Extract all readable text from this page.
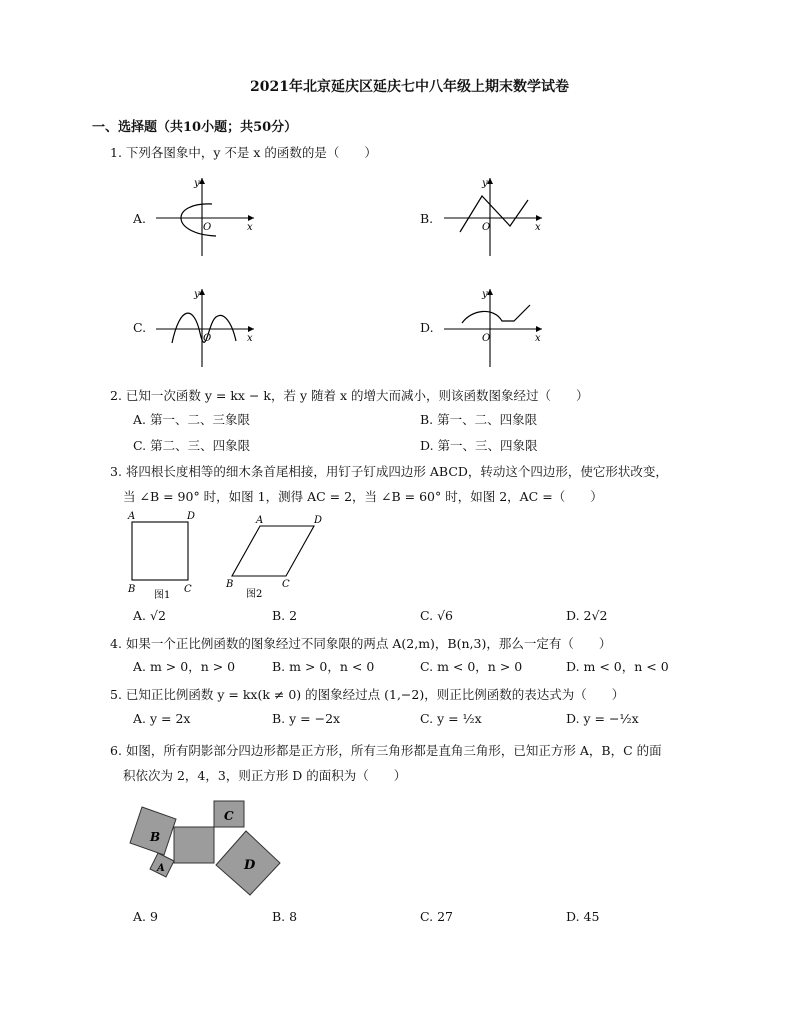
2021年北京延庆区延庆七中八年级上期末数学试卷
一、选择题（共10小题；共50分）
1. 下列各图象中，y 不是 x 的函数的是（　　）
A.	B.
C.	D.
y
x
O
y
x
O
y
x
O
y
x
O
2. 已知一次函数 y = kx − k，若 y 随着 x 的增大而减小，则该函数图象经过（　　）
A. 第一、二、三象限	B. 第一、二、四象限
C. 第二、三、四象限	D. 第一、三、四象限
3. 将四根长度相等的细木条首尾相接，用钉子钉成四边形 ABCD，转动这个四边形，使它形状改变，
当 ∠B = 90° 时，如图 1，测得 AC = 2，当 ∠B = 60° 时，如图 2，AC =（　　）
A
B	C
D
图1
A
B	C
D
图2
A. √2	B. 2	C. √6	D. 2√2
4. 如果一个正比例函数的图象经过不同象限的两点 A(2,m)，B(n,3)，那么一定有（　　）
A. m > 0，n > 0	B. m > 0，n < 0	C. m < 0，n > 0	D. m < 0，n < 0
5. 已知正比例函数 y = kx(k ≠ 0) 的图象经过点 (1,−2)，则正比例函数的表达式为（　　）
A. y = 2x	B. y = −2x	C. y = ½x	D. y = −½x
6. 如图，所有阴影部分四边形都是正方形，所有三角形都是直角三角形，已知正方形 A，B，C 的面
积依次为 2，4，3，则正方形 D 的面积为（　　）
B
A
C
D
A. 9	B. 8	C. 27	D. 45
